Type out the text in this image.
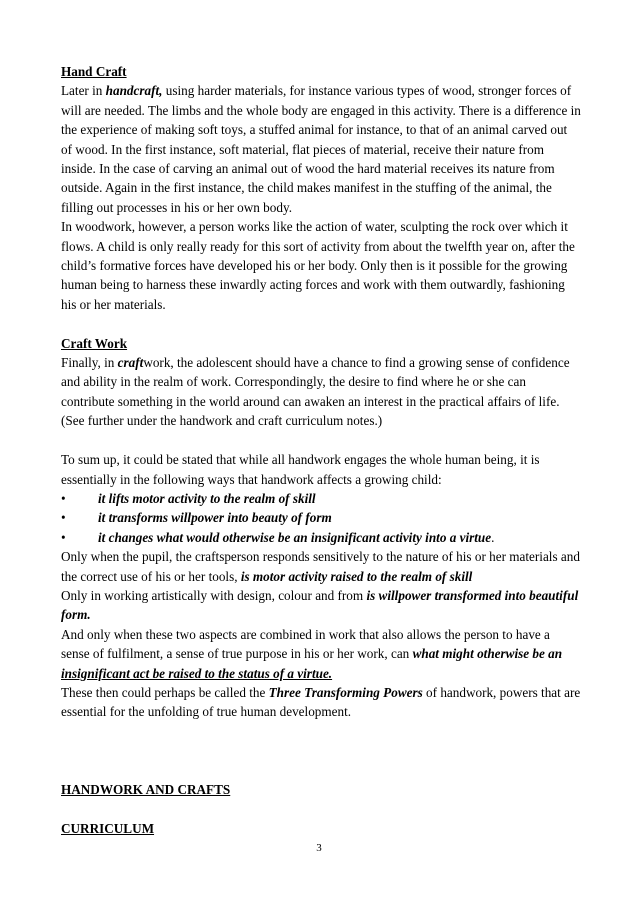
Hand Craft

Later in handcraft, using harder materials, for instance various types of wood, stronger forces of will are needed. The limbs and the whole body are engaged in this activity. There is a difference in the experience of making soft toys, a stuffed animal for instance, to that of an animal carved out of wood. In the first instance, soft material, flat pieces of material, receive their nature from inside. In the case of carving an animal out of wood the hard material receives its nature from outside. Again in the first instance, the child makes manifest in the stuffing of the animal, the filling out processes in his or her own body.

In woodwork, however, a person works like the action of water, sculpting the rock over which it flows. A child is only really ready for this sort of activity from about the twelfth year on, after the child’s formative forces have developed his or her body. Only then is it possible for the growing human being to harness these inwardly acting forces and work with them outwardly, fashioning his or her materials.

Craft Work

Finally, in craftwork, the adolescent should have a chance to find a growing sense of confidence and ability in the realm of work. Correspondingly, the desire to find where he or she can contribute something in the world around can awaken an interest in the practical affairs of life. (See further under the handwork and craft curriculum notes.)

To sum up, it could be stated that while all handwork engages the whole human being, it is essentially in the following ways that handwork affects a growing child:

•	it lifts motor activity to the realm of skill
•	it transforms willpower into beauty of form
•	it changes what would otherwise be an insignificant activity into a virtue.

Only when the pupil, the craftsperson responds sensitively to the nature of his or her materials and the correct use of his or her tools, is motor activity raised to the realm of skill

Only in working artistically with design, colour and from is willpower transformed into beautiful form.

And only when these two aspects are combined in work that also allows the person to have a sense of fulfilment, a sense of true purpose in his or her work, can what might otherwise be an insignificant act be raised to the status of a virtue.

These then could perhaps be called the Three Transforming Powers of handwork, powers that are essential for the unfolding of true human development.

HANDWORK AND CRAFTS

CURRICULUM

3
